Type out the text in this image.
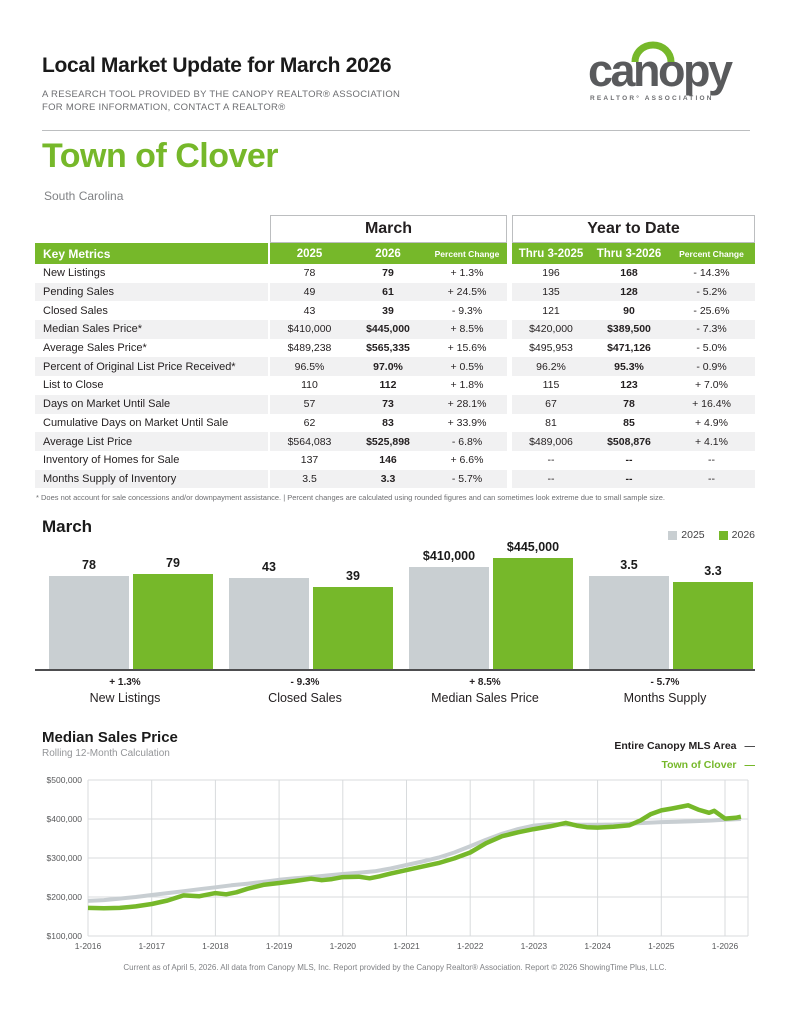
Local Market Update for March 2026
A RESEARCH TOOL PROVIDED BY THE CANOPY REALTOR® ASSOCIATION
FOR MORE INFORMATION, CONTACT A REALTOR®
canopy
REALTOR° ASSOCIATION
Town of Clover
South Carolina
March	Year to Date
Key Metrics	2025	2026	Percent Change	Thru 3-2025	Thru 3-2026	Percent Change
New Listings	78	79	+ 1.3%	196	168	- 14.3%
Pending Sales	49	61	+ 24.5%	135	128	- 5.2%
Closed Sales	43	39	- 9.3%	121	90	- 25.6%
Median Sales Price*	$410,000	$445,000	+ 8.5%	$420,000	$389,500	- 7.3%
Average Sales Price*	$489,238	$565,335	+ 15.6%	$495,953	$471,126	- 5.0%
Percent of Original List Price Received*	96.5%	97.0%	+ 0.5%	96.2%	95.3%	- 0.9%
List to Close	110	112	+ 1.8%	115	123	+ 7.0%
Days on Market Until Sale	57	73	+ 28.1%	67	78	+ 16.4%
Cumulative Days on Market Until Sale	62	83	+ 33.9%	81	85	+ 4.9%
Average List Price	$564,083	$525,898	- 6.8%	$489,006	$508,876	+ 4.1%
Inventory of Homes for Sale	137	146	+ 6.6%	--	--	--
Months Supply of Inventory	3.5	3.3	- 5.7%	--	--	--
* Does not account for sale concessions and/or downpayment assistance. | Percent changes are calculated using rounded figures and can sometimes look extreme due to small sample size.
March	2025	2026
78	79	43
39
$410,000
$445,000
3.5	3.3
+ 1.3%
New Listings
- 9.3%
Closed Sales
+ 8.5%
Median Sales Price
- 5.7%
Months Supply
Median Sales Price
Rolling 12-Month Calculation
Entire Canopy MLS Area —
Town of Clover —
$500,000
$400,000
$300,000
$200,000
$100,000
1-2016	1-2017	1-2018	1-2019	1-2020	1-2021	1-2022	1-2023	1-2024	1-2025	1-2026
Current as of April 5, 2026. All data from Canopy MLS, Inc. Report provided by the Canopy Realtor® Association. Report © 2026 ShowingTime Plus, LLC.
